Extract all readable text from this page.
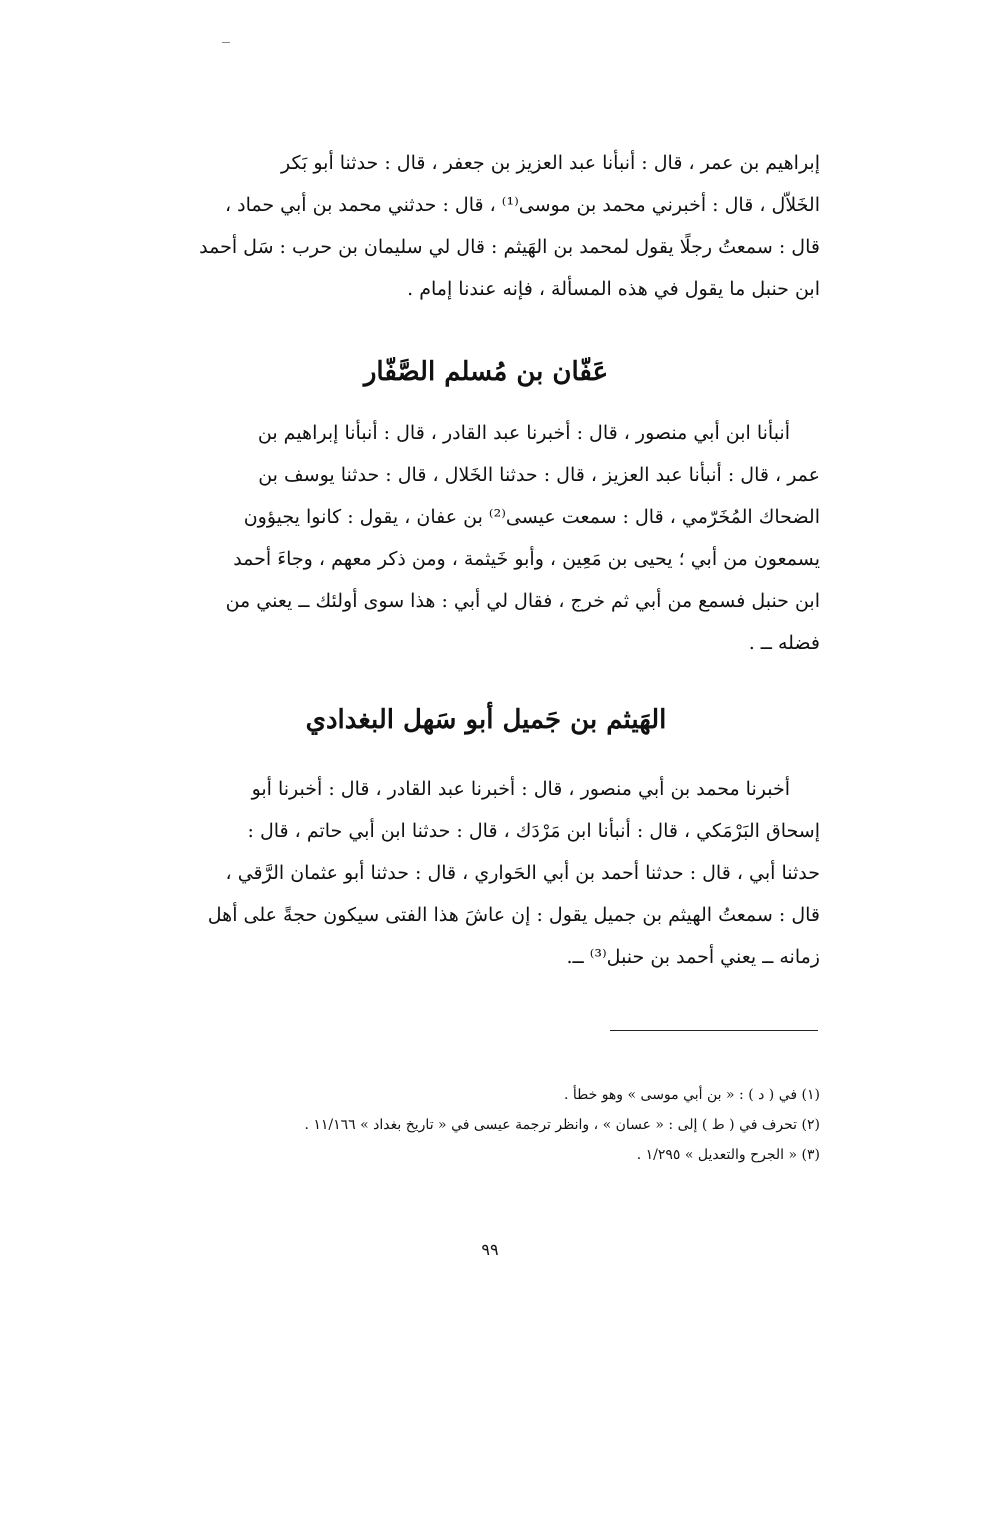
إبراهيم بن عمر ، قال : أنبأنا عبد العزيز بن جعفر ، قال : حدثنا أبو بَكر
الخَلاّل ، قال : أخبرني محمد بن موسى⁽¹⁾ ، قال : حدثني محمد بن أبي حماد ،
قال : سمعتُ رجلًا يقول لمحمد بن الهَيثم : قال لي سليمان بن حرب : سَل أحمد
ابن حنبل ما يقول في هذه المسألة ، فإنه عندنا إمام .
عَفّان بن مُسلم الصَّفّار
أنبأنا ابن أبي منصور ، قال : أخبرنا عبد القادر ، قال : أنبأنا إبراهيم بن
عمر ، قال : أنبأنا عبد العزيز ، قال : حدثنا الخَلال ، قال : حدثنا يوسف بن
الضحاك المُخَرّمي ، قال : سمعت عيسى⁽²⁾ بن عفان ، يقول : كانوا يجيؤون
يسمعون من أبي ؛ يحيى بن مَعِين ، وأبو خَيثمة ، ومن ذكر معهم ، وجاءَ أحمد
ابن حنبل فسمع من أبي ثم خرج ، فقال لي أبي : هذا سوى أولئك ــ يعني من
فضله ــ .
الهَيثم بن جَميل أبو سَهل البغدادي
أخبرنا محمد بن أبي منصور ، قال : أخبرنا عبد القادر ، قال : أخبرنا أبو
إسحاق البَرْمَكي ، قال : أنبأنا ابن مَرْدَك ، قال : حدثنا ابن أبي حاتم ، قال :
حدثنا أبي ، قال : حدثنا أحمد بن أبي الحَواري ، قال : حدثنا أبو عثمان الرَّقي ،
قال : سمعتُ الهيثم بن جميل يقول : إن عاشَ هذا الفتى سيكون حجةً على أهل
زمانه ــ يعني أحمد بن حنبل⁽³⁾ ــ.
(١) في ( د ) : « بن أبي موسى » وهو خطأ .
(٢) تحرف في ( ط ) إلى : « عسان » ، وانظر ترجمة عيسى في « تاريخ بغداد » ١١/١٦٦ .
(٣) « الجرح والتعديل » ١/٢٩٥ .
٩٩
